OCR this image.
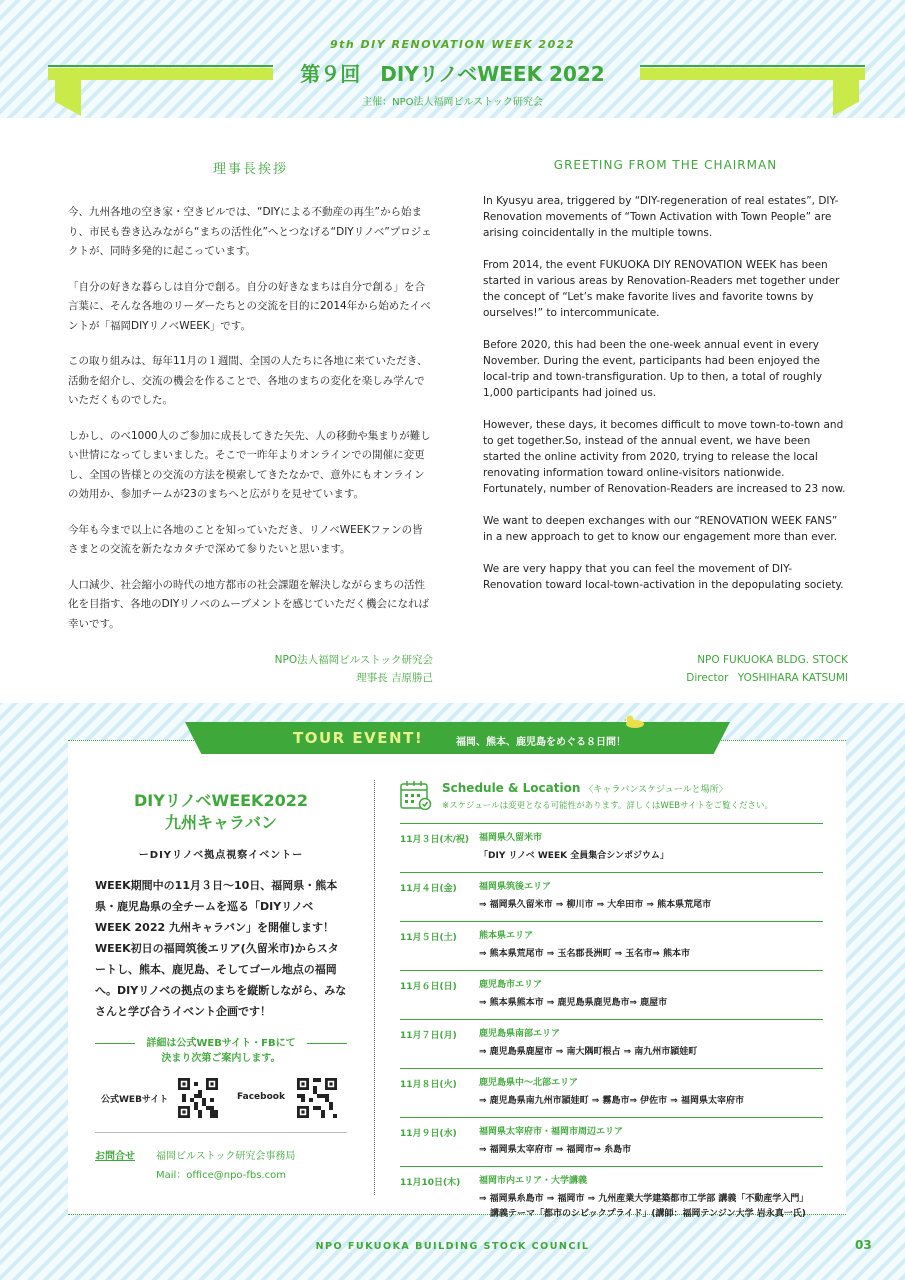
9th DIY RENOVATION WEEK 2022
第９回　DIYリノベWEEK 2022
主催：NPO法人福岡ビルストック研究会
理事長挨拶

今、九州各地の空き家・空きビルでは、“DIYによる不動産の再生”から始まり、市民も巻き込みながら“まちの活性化”へとつなげる“DIYリノベ”プロジェクトが、同時多発的に起こっています。

「自分の好きな暮らしは自分で創る。自分の好きなまちは自分で創る」を合言葉に、そんな各地のリーダーたちとの交流を目的に2014年から始めたイベントが「福岡DIYリノベWEEK」です。

この取り組みは、毎年11月の１週間、全国の人たちに各地に来ていただき、活動を紹介し、交流の機会を作ることで、各地のまちの変化を楽しみ学んでいただくものでした。

しかし、のべ1000人のご参加に成長してきた矢先、人の移動や集まりが難しい世情になってしまいました。そこで一昨年よりオンラインでの開催に変更し、全国の皆様との交流の方法を模索してきたなかで、意外にもオンラインの効用か、参加チームが23のまちへと広がりを見せています。

今年も今まで以上に各地のことを知っていただき、リノベWEEKファンの皆さまとの交流を新たなカタチで深めて参りたいと思います。

人口減少、社会縮小の時代の地方都市の社会課題を解決しながらまちの活性化を目指す、各地のDIYリノベのムーブメントを感じていただく機会になれば幸いです。

GREETING FROM THE CHAIRMAN

In Kyusyu area, triggered by “DIY-regeneration of real estates”, DIY-Renovation movements of “Town Activation with Town People” are arising coincidentally in the multiple towns.

From 2014, the event FUKUOKA DIY RENOVATION WEEK has been started in various areas by Renovation-Readers met together under the concept of “Let’s make favorite lives and favorite towns by ourselves!” to intercommunicate.

Before 2020, this had been the one-week annual event in every November. During the event, participants had been enjoyed the local-trip and town-transfiguration. Up to then, a total of roughly 1,000 participants had joined us.

However, these days, it becomes difficult to move town-to-town and to get together.So, instead of the annual event, we have been started the online activity from 2020, trying to release the local renovating information toward online-visitors nationwide. Fortunately, number of Renovation-Readers are increased to 23 now.

We want to deepen exchanges with our “RENOVATION WEEK FANS” in a new approach to get to know our engagement more than ever.

We are very happy that you can feel the movement of DIY-Renovation toward local-town-activation in the depopulating society.

NPO法人福岡ビルストック研究会
理事長 吉原勝己
NPO FUKUOKA BLDG. STOCK
Director YOSHIHARA KATSUMI
TOUR EVENT!	福岡、熊本、鹿児島をめぐる８日間！
DIYリノベWEEK2022
九州キャラバン
ーDIYリノベ拠点視察イベントー
WEEK期間中の11月３日〜10日、福岡県・熊本県・鹿児島県の全チームを巡る「DIYリノベWEEK 2022 九州キャラバン」を開催します！WEEK初日の福岡筑後エリア(久留米市)からスタートし、熊本、鹿児島、そしてゴール地点の福岡へ。DIYリノベの拠点のまちを縦断しながら、みなさんと学び合うイベント企画です！
詳細は公式WEBサイト・FBにて
決まり次第ご案内します。
公式WEBサイト	Facebook
お問合せ 福岡ビルストック研究会事務局
Mail：office@npo-fbs.com
Schedule & Location 〈キャラバンスケジュールと場所〉
※スケジュールは変更となる可能性があります。詳しくはWEBサイトをご覧ください。
11月３日(木/祝) 福岡県久留米市
「DIY リノベ WEEK 全員集合シンポジウム」
11月４日(金) 福岡県筑後エリア
⇒ 福岡県久留米市 ⇒ 柳川市 ⇒ 大牟田市 ⇒ 熊本県荒尾市
11月５日(土) 熊本県エリア
⇒ 熊本県荒尾市 ⇒ 玉名郡長洲町 ⇒ 玉名市⇒ 熊本市
11月６日(日) 鹿児島市エリア
⇒ 熊本県熊本市 ⇒ 鹿児島県鹿児島市⇒ 鹿屋市
11月７日(月) 鹿児島県南部エリア
⇒ 鹿児島県鹿屋市 ⇒ 南大隅町根占 ⇒ 南九州市頴娃町
11月８日(火) 鹿児島県中〜北部エリア
⇒ 鹿児島県南九州市頴娃町 ⇒ 霧島市⇒ 伊佐市 ⇒ 福岡県太宰府市
11月９日(水) 福岡県太宰府市・福岡市周辺エリア
⇒ 福岡県太宰府市 ⇒ 福岡市⇒ 糸島市
11月10日(木) 福岡市内エリア・大学講義
⇒ 福岡県糸島市 ⇒ 福岡市 ⇒ 九州産業大学建築都市工学部 講義「不動産学入門」
講義テーマ「都市のシビックプライド」(講師：福岡テンジン大学 岩永真一氏)
NPO FUKUOKA BUILDING STOCK COUNCIL	03
